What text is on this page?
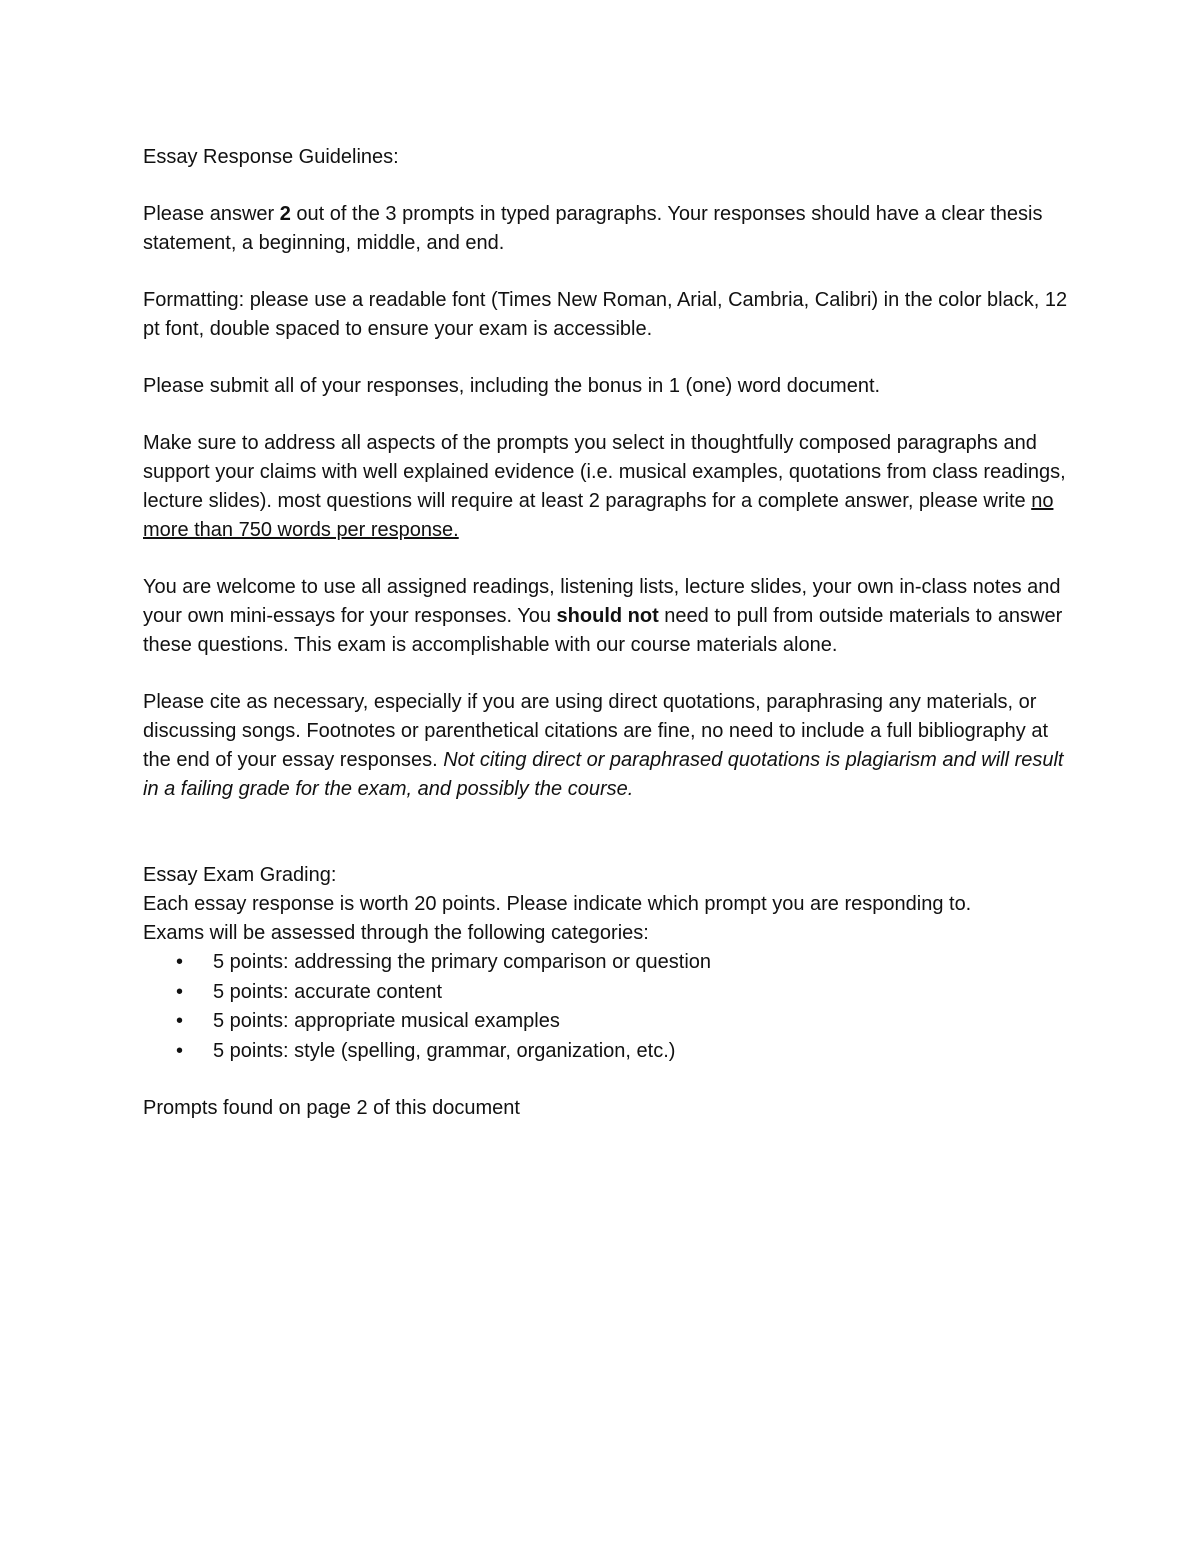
Essay Response Guidelines:

Please answer 2 out of the 3 prompts in typed paragraphs. Your responses should have a clear thesis statement, a beginning, middle, and end.

Formatting: please use a readable font (Times New Roman, Arial, Cambria, Calibri) in the color black, 12 pt font, double spaced to ensure your exam is accessible.

Please submit all of your responses, including the bonus in 1 (one) word document.

Make sure to address all aspects of the prompts you select in thoughtfully composed paragraphs and support your claims with well explained evidence (i.e. musical examples, quotations from class readings, lecture slides). most questions will require at least 2 paragraphs for a complete answer, please write no more than 750 words per response.

You are welcome to use all assigned readings, listening lists, lecture slides, your own in-class notes and your own mini-essays for your responses. You should not need to pull from outside materials to answer these questions. This exam is accomplishable with our course materials alone.

Please cite as necessary, especially if you are using direct quotations, paraphrasing any materials, or discussing songs. Footnotes or parenthetical citations are fine, no need to include a full bibliography at the end of your essay responses. Not citing direct or paraphrased quotations is plagiarism and will result in a failing grade for the exam, and possibly the course.

Essay Exam Grading:

Each essay response is worth 20 points. Please indicate which prompt you are responding to.

Exams will be assessed through the following categories:

• 5 points: addressing the primary comparison or question
• 5 points: accurate content
• 5 points: appropriate musical examples
• 5 points: style (spelling, grammar, organization, etc.)

Prompts found on page 2 of this document
